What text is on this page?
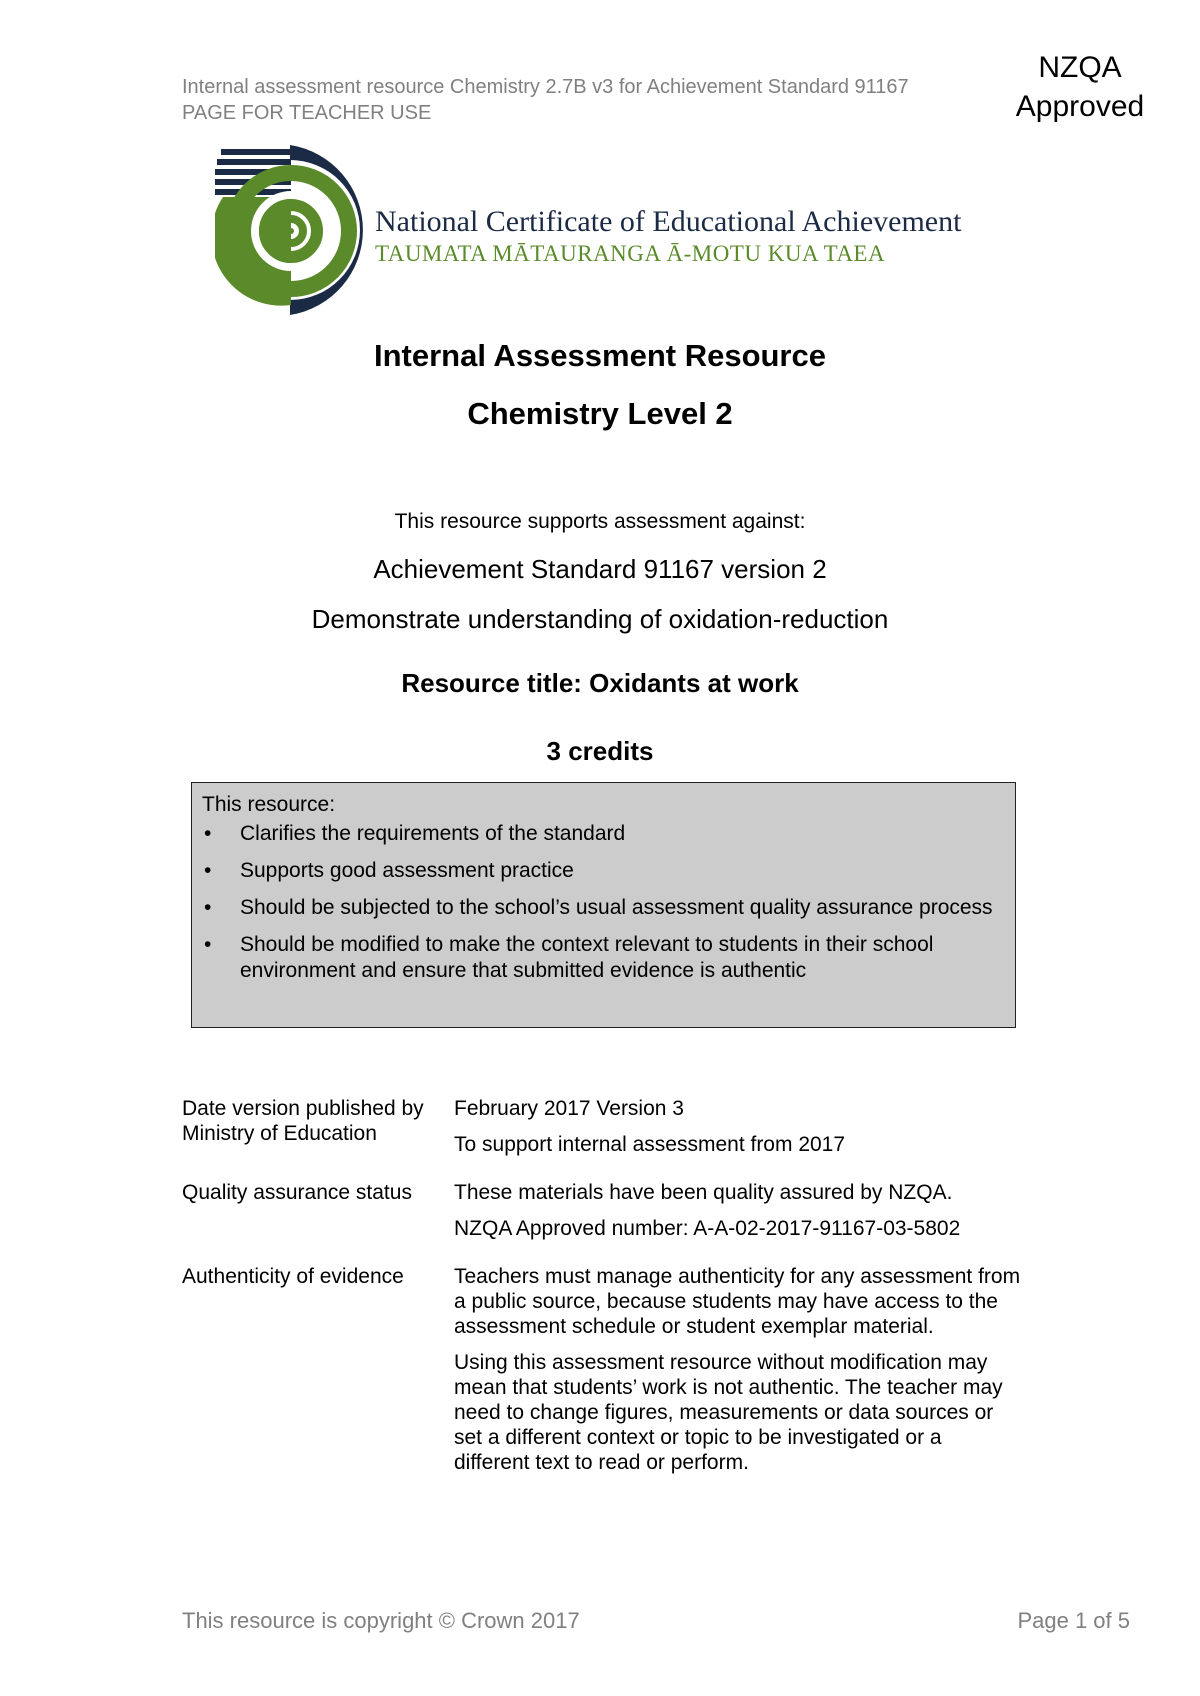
Internal assessment resource Chemistry 2.7B v3 for Achievement Standard 91167
PAGE FOR TEACHER USE
NZQA
Approved
National Certificate of Educational Achievement
TAUMATA MĀTAURANGA Ā-MOTU KUA TAEA
Internal Assessment Resource
Chemistry Level 2
This resource supports assessment against:
Achievement Standard 91167 version 2
Demonstrate understanding of oxidation-reduction
Resource title: Oxidants at work
3 credits
This resource:
• Clarifies the requirements of the standard
• Supports good assessment practice
• Should be subjected to the school’s usual assessment quality assurance process
• Should be modified to make the context relevant to students in their school environment and ensure that submitted evidence is authentic
Date version published by Ministry of Education	February 2017 Version 3

To support internal assessment from 2017

Quality assurance status	These materials have been quality assured by NZQA.

NZQA Approved number: A-A-02-2017-91167-03-5802

Authenticity of evidence	Teachers must manage authenticity for any assessment from a public source, because students may have access to the assessment schedule or student exemplar material.

Using this assessment resource without modification may mean that students’ work is not authentic. The teacher may need to change figures, measurements or data sources or set a different context or topic to be investigated or a different text to read or perform.

This resource is copyright © Crown 2017	Page 1 of 5
